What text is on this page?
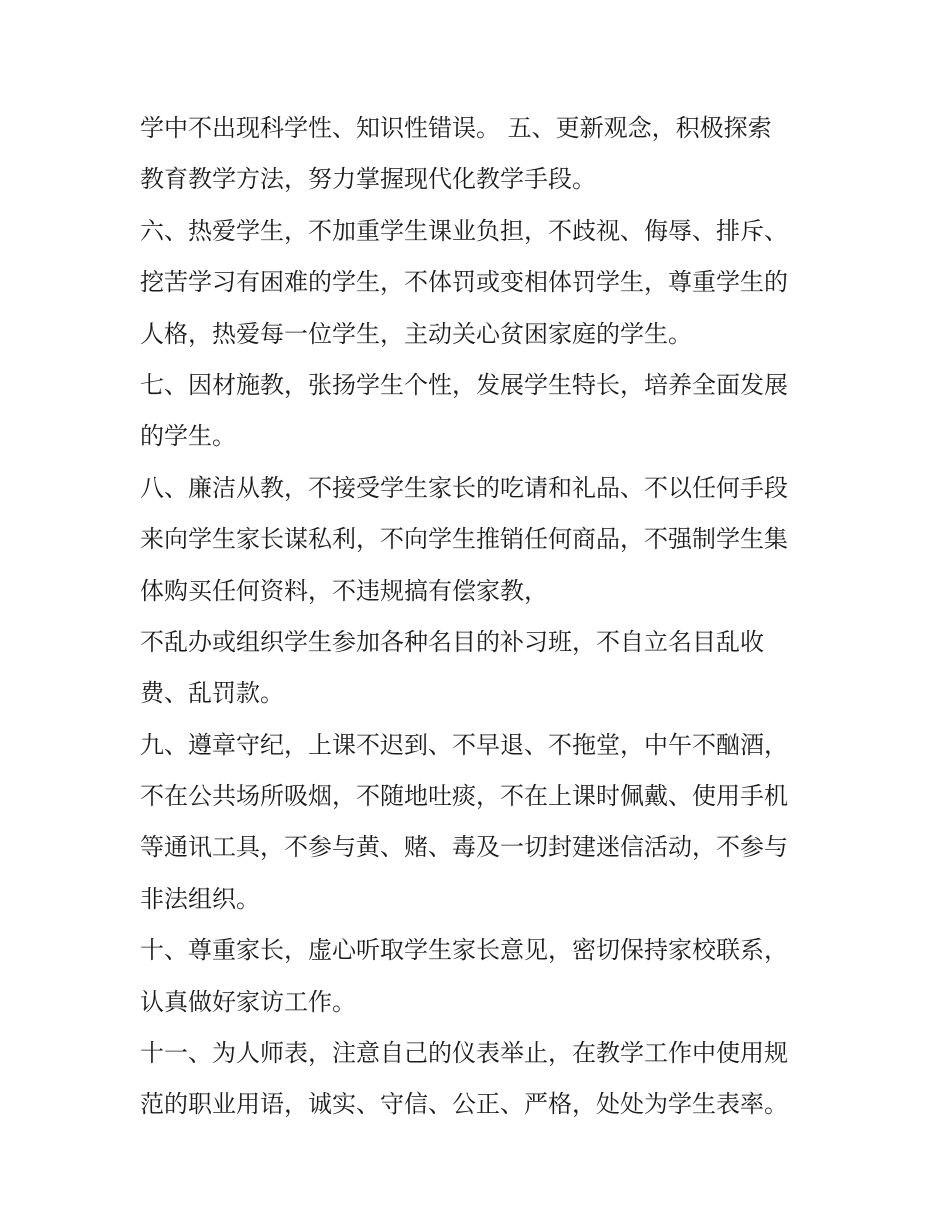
学中不出现科学性、知识性错误。 五、更新观念，积极探索
教育教学方法，努力掌握现代化教学手段。
六、热爱学生，不加重学生课业负担，不歧视、侮辱、排斥、
挖苦学习有困难的学生，不体罚或变相体罚学生，尊重学生的
人格，热爱每一位学生，主动关心贫困家庭的学生。
七、因材施教，张扬学生个性，发展学生特长，培养全面发展
的学生。
八、廉洁从教，不接受学生家长的吃请和礼品、不以任何手段
来向学生家长谋私利，不向学生推销任何商品，不强制学生集
体购买任何资料，不违规搞有偿家教，
不乱办或组织学生参加各种名目的补习班，不自立名目乱收
费、乱罚款。
九、遵章守纪，上课不迟到、不早退、不拖堂，中午不酗酒，
不在公共场所吸烟，不随地吐痰，不在上课时佩戴、使用手机
等通讯工具，不参与黄、赌、毒及一切封建迷信活动，不参与
非法组织。
十、尊重家长，虚心听取学生家长意见，密切保持家校联系，
认真做好家访工作。
十一、为人师表，注意自己的仪表举止，在教学工作中使用规
范的职业用语，诚实、守信、公正、严格，处处为学生表率。
